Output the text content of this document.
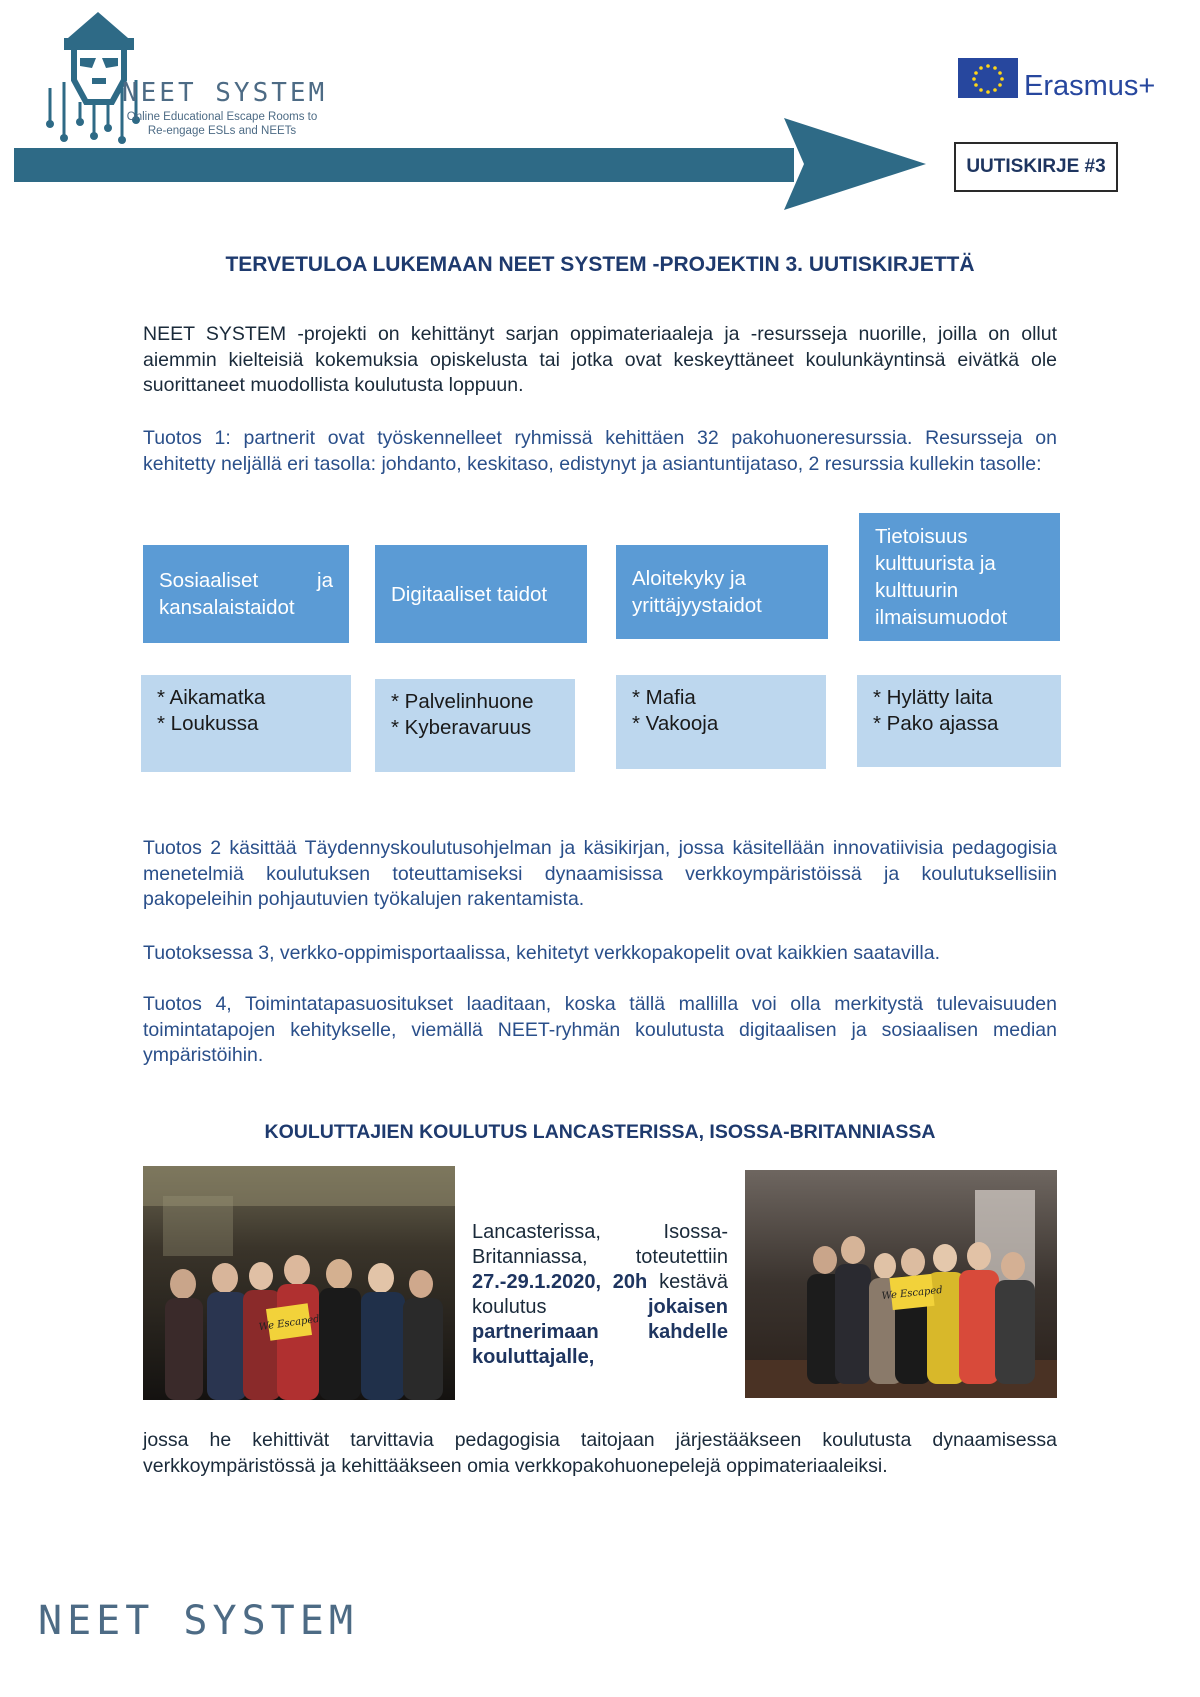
NEET SYSTEM
Online Educational Escape Rooms to
Re-engage ESLs and NEETs
Erasmus+
UUTISKIRJE #3
TERVETULOA LUKEMAAN NEET SYSTEM -PROJEKTIN 3. UUTISKIRJETTÄ
NEET SYSTEM -projekti on kehittänyt sarjan oppimateriaaleja ja -resursseja nuorille, joilla on ollut aiemmin kielteisiä kokemuksia opiskelusta tai jotka ovat keskeyttäneet koulunkäyntinsä eivätkä ole suorittaneet muodollista koulutusta loppuun.
Tuotos 1: partnerit ovat työskennelleet ryhmissä kehittäen 32 pakohuoneresurssia. Resursseja on kehitetty neljällä eri tasolla: johdanto, keskitaso, edistynyt ja asiantuntijataso, 2 resurssia kullekin tasolle:
Sosiaaliset ja kansalaistaidot
Digitaaliset taidot
Aloitekyky ja yrittäjyystaidot
Tietoisuus kulttuurista ja kulttuurin ilmaisumuodot
* Aikamatka
* Loukussa
* Palvelinhuone
* Kyberavaruus
* Mafia
* Vakooja
* Hylätty laita
* Pako ajassa
Tuotos 2 käsittää Täydennyskoulutusohjelman ja käsikirjan, jossa käsitellään innovatiivisia pedagogisia menetelmiä koulutuksen toteuttamiseksi dynaamisissa verkkoympäristöissä ja koulutuksellisiin pakopeleihin pohjautuvien työkalujen rakentamista.
Tuotoksessa 3, verkko-oppimisportaalissa, kehitetyt verkkopakopelit ovat kaikkien saatavilla.
Tuotos 4, Toimintatapasuositukset laaditaan, koska tällä mallilla voi olla merkitystä tulevaisuuden toimintatapojen kehitykselle, viemällä NEET-ryhmän koulutusta digitaalisen ja sosiaalisen median ympäristöihin.
KOULUTTAJIEN KOULUTUS LANCASTERISSA, ISOSSA-BRITANNIASSA
We Escaped
Lancasterissa, Isossa-Britanniassa, toteutettiin 27.-29.1.2020, 20h kestävä koulutus	jokaisen partnerimaan kahdelle kouluttajalle,
We Escaped
jossa he kehittivät tarvittavia pedagogisia taitojaan järjestääkseen koulutusta dynaamisessa verkkoympäristössä ja kehittääkseen omia verkkopakohuonepelejä oppimateriaaleiksi.
NEET SYSTEM
